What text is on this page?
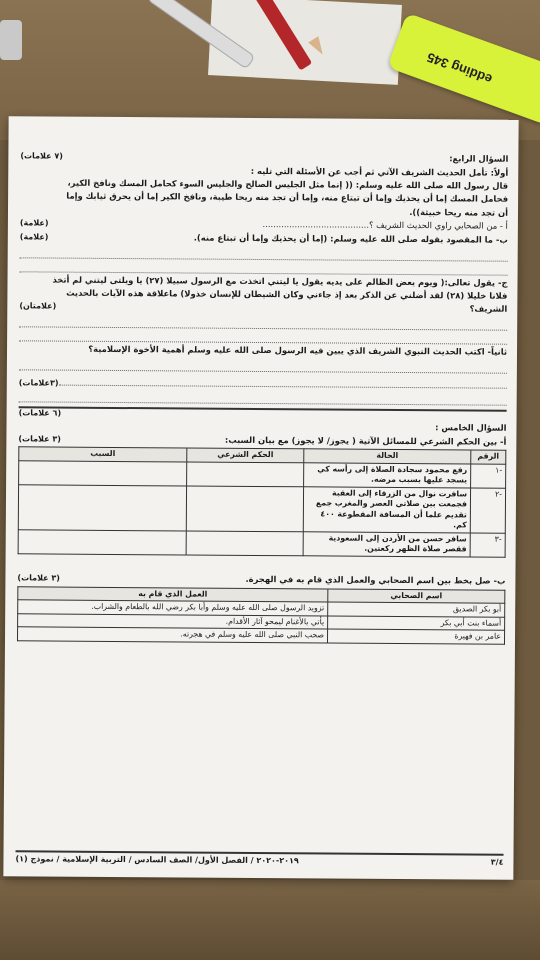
edding 345
السؤال الرابع:
(٧ علامات)
أولاً: تأمل الحديث الشريف الآتي ثم أجب عن الأسئلة التي تليه :
قال رسول الله صلى الله عليه وسلم: (( إنما مثل الجليس الصالح والجليس السوء كحامل المسك ونافخ الكير،
فحامل المسك إما أن يحذيك وإما أن تبتاع منه، وإما أن تجد منه ريحا طيبة، ونافخ الكير إما أن يحرق ثيابك وإما
أن تجد منه ريحا خبيثة)).
أ - من الصحابي راوي الحديث الشريف ؟........................................
(علامة)
ب- ما المقصود بقوله صلى الله عليه وسلم: (إما أن يحذيك وإما أن تبتاع منه).
(علامة)
ج- يقول تعالى:( ويوم يعض الظالم على يديه يقول يا ليتني اتخذت مع الرسول سبيلا (٢٧) يا ويلتى ليتني لم أتخذ
فلانا خليلا (٢٨) لقد أضلني عن الذكر بعد إذ جاءني وكان الشيطان للإنسان خذولا) ماعلاقة هذه الآيات بالحديث
الشريف؟
(علامتان)
ثانياً- اكتب الحديث النبوي الشريف الذي يبين فيه الرسول صلى الله عليه وسلم أهمية الأخوة الإسلامية؟
(٣علامات)
(٦ علامات)
السؤال الخامس :
أ- بين الحكم الشرعي للمسائل الآتية ( يجوز/ لا يجوز) مع بيان السبب:
(٣ علامات)
الرقم	الحالة	الحكم الشرعي	السبب
-١	رفع محمود سجادة الصلاة إلى رأسه كي يسجد عليها بسبب مرضه.		
-٢	سافرت نوال من الزرقاء إلى العقبة فجمعت بين صلاتي العصر والمغرب جمع تقديم علما أن المسافة المقطوعة ٤٠٠ كم.		
-٣	سافر حسن من الأردن إلى السعودية فقصر صلاة الظهر ركعتين.		
ب- صل بخط بين اسم الصحابي والعمل الذي قام به في الهجرة.
(٣ علامات)
اسم الصحابي	العمل الذي قام به
أبو بكر الصديق	تزويد الرسول صلى الله عليه وسلم وأبا بكر رضي الله بالطعام والشراب.
أسماء بنت أبي بكر	يأتي بالأغنام ليمحو آثار الأقدام.
عامر بن فهيرة	صحب النبي صلى الله عليه وسلم في هجرته.
٣/٤
٢٠١٩-٢٠٢٠ / الفصل الأول/ الصف السادس / التربية الإسلامية / نموذج (١)
